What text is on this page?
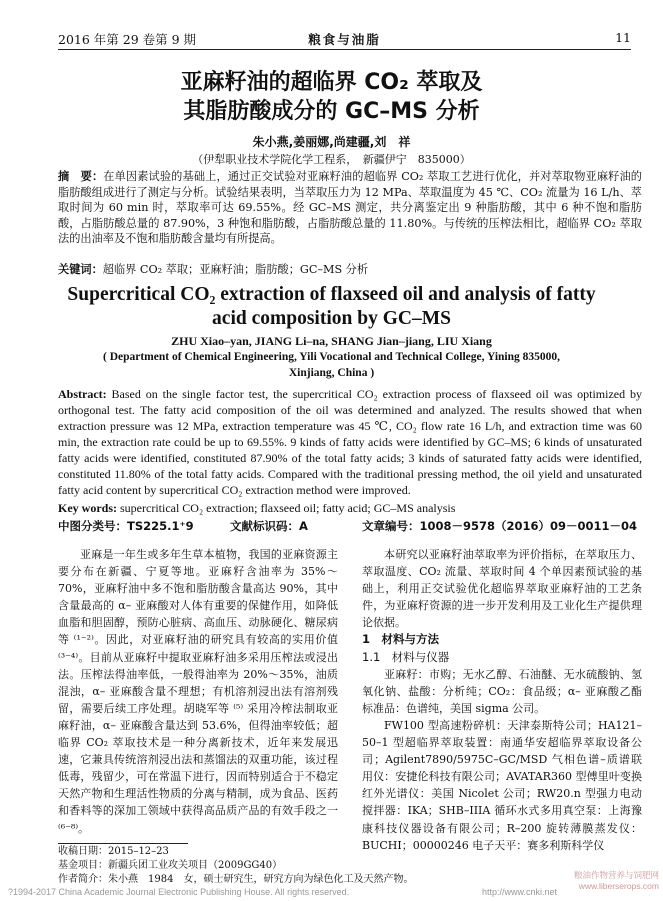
2016 年第 29 卷第 9 期	粮食与油脂	11
亚麻籽油的超临界 CO₂ 萃取及
其脂肪酸成分的 GC–MS 分析
朱小燕,姜丽娜,尚建疆,刘　祥
（伊犁职业技术学院化学工程系，　新疆伊宁　835000）
摘　要：在单因素试验的基础上，通过正交试验对亚麻籽油的超临界 CO₂ 萃取工艺进行优化，并对萃取物亚麻籽油的脂肪酸组成进行了测定与分析。试验结果表明，当萃取压力为 12 MPa、萃取温度为 45 ℃、CO₂ 流量为 16 L/h、萃取时间为 60 min 时，萃取率可达 69.55%。经 GC–MS 测定，共分离鉴定出 9 种脂肪酸，其中 6 种不饱和脂肪酸，占脂肪酸总量的 87.90%，3 种饱和脂肪酸，占脂肪酸总量的 11.80%。与传统的压榨法相比，超临界 CO₂ 萃取法的出油率及不饱和脂肪酸含量均有所提高。
关键词：超临界 CO₂ 萃取；亚麻籽油；脂肪酸；GC–MS 分析
Supercritical CO₂ extraction of flaxseed oil and analysis of fatty
acid composition by GC–MS
ZHU Xiao–yan, JIANG Li–na, SHANG Jian–jiang, LIU Xiang
( Department of Chemical Engineering, Yili Vocational and Technical College, Yining 835000,
Xinjiang, China )
Abstract: Based on the single factor test, the supercritical CO₂ extraction process of flaxseed oil was optimized by orthogonal test. The fatty acid composition of the oil was determined and analyzed. The results showed that when extraction pressure was 12 MPa, extraction temperature was 45 ℃, CO₂ flow rate 16 L/h, and extraction time was 60 min, the extraction rate could be up to 69.55%. 9 kinds of fatty acids were identified by GC–MS; 6 kinds of unsaturated fatty acids were identified, constituted 87.90% of the total fatty acids; 3 kinds of saturated fatty acids were identified, constituted 11.80% of the total fatty acids. Compared with the traditional pressing method, the oil yield and unsaturated fatty acid content by supercritical CO₂ extraction method were improved.
Key words: supercritical CO₂ extraction; flaxseed oil; fatty acid; GC–MS analysis
中图分类号：TS225.1⁺9	文献标识码：A	文章编号：1008－9578（2016）09－0011－04

亚麻是一年生或多年生草本植物，我国的亚麻资源主要分布在新疆、宁夏等地。亚麻籽含油率为 35%～70%，亚麻籽油中多不饱和脂肪酸含量高达 90%，其中含量最高的 α– 亚麻酸对人体有重要的保健作用，如降低血脂和胆固醇，预防心脏病、高血压、动脉硬化、糖尿病等 ⁽¹⁻²⁾。因此，对亚麻籽油的研究具有较高的实用价值 ⁽³⁻⁴⁾。目前从亚麻籽中提取亚麻籽油多采用压榨法或浸出法。压榨法得油率低，一般得油率为 20%～35%，油质混浊，α– 亚麻酸含量不理想；有机溶剂浸出法有溶剂残留，需要后续工序处理。胡晓军等 ⁽⁵⁾ 采用冷榨法制取亚麻籽油，α– 亚麻酸含量达到 53.6%，但得油率较低；超临界 CO₂ 萃取技术是一种分离新技术，近年来发展迅速，它兼具传统溶剂浸出法和蒸馏法的双重功能，该过程低毒，残留少，可在常温下进行，因而特别适合于不稳定天然产物和生理活性物质的分离与精制，成为食品、医药和香料等的深加工领域中获得高品质产品的有效手段之一 ⁽⁶⁻⁸⁾。

本研究以亚麻籽油萃取率为评价指标，在萃取压力、萃取温度、CO₂ 流量、萃取时间 4 个单因素预试验的基础上，利用正交试验优化超临界萃取亚麻籽油的工艺条件，为亚麻籽资源的进一步开发利用及工业化生产提供理论依据。

1　材料与方法

1.1　材料与仪器

亚麻籽：市购；无水乙醇、石油醚、无水硫酸钠、氢氧化钠、盐酸：分析纯；CO₂：食品级；α– 亚麻酸乙酯标准品：色谱纯，美国 sigma 公司。

FW100 型高速粉碎机：天津泰斯特公司；HA121–50–1 型超临界萃取装置：南通华安超临界萃取设备公司；Agilent7890/5975C–GC/MSD 气相色谱–质谱联用仪：安捷伦科技有限公司；AVATAR360 型傅里叶变换红外光谱仪：美国 Nicolet 公司；RW20.n 型强力电动搅拌器：IKA；SHB–IIIA 循环水式多用真空泵：上海豫康科技仪器设备有限公司；R–200 旋转薄膜蒸发仪：BUCHI；00000246 电子天平：赛多利斯科学仪

收稿日期：2015–12–23
基金项目：新疆兵团工业攻关项目（2009GG40）
作者简介：朱小燕　1984　女，硕士研究生，研究方向为绿色化工及天然产物。
?1994-2017 China Academic Journal Electronic Publishing House. All rights reserved.	http://www.cnki.net
粮油作物营养与饲肥网 www.liberserops.com
